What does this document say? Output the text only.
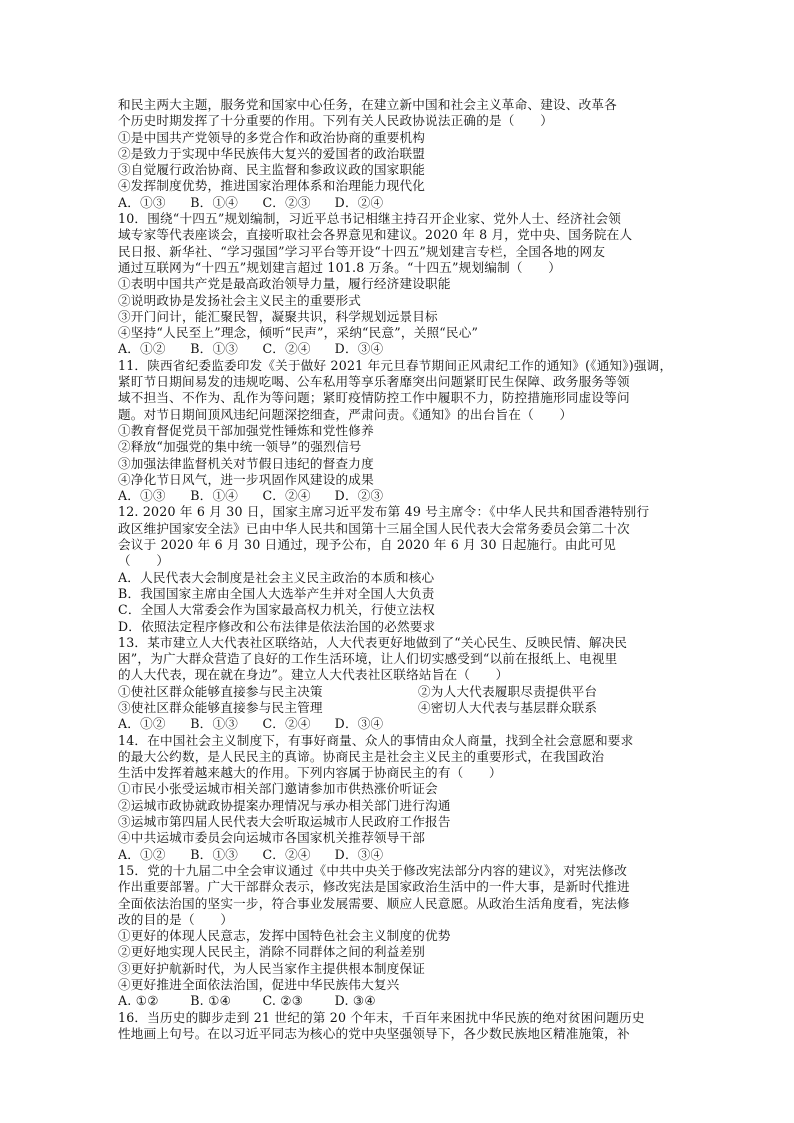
和民主两大主题，服务党和国家中心任务，在建立新中国和社会主义革命、建设、改革各
个历史时期发挥了十分重要的作用。下列有关人民政协说法正确的是（　　）
①是中国共产党领导的多党合作和政治协商的重要机构
②是致力于实现中华民族伟大复兴的爱国者的政治联盟
③自觉履行政治协商、民主监督和参政议政的国家职能
④发挥制度优势，推进国家治理体系和治理能力现代化
A．①③ B．①④ C．②③ D．②④
10．围绕“十四五”规划编制，习近平总书记相继主持召开企业家、党外人士、经济社会领
域专家等代表座谈会，直接听取社会各界意见和建议。2020 年 8 月，党中央、国务院在人
民日报、新华社、“学习强国”学习平台等开设“十四五”规划建言专栏，全国各地的网友
通过互联网为“十四五”规划建言超过 101.8 万条。“十四五”规划编制（　　）
①表明中国共产党是最高政治领导力量，履行经济建设职能
②说明政协是发扬社会主义民主的重要形式
③开门问计，能汇聚民智，凝聚共识，科学规划远景目标
④坚持“人民至上”理念，倾听“民声”，采纳“民意”，关照“民心”
A．①② B．①③ C．②④ D．③④
11．陕西省纪委监委印发《关于做好 2021 年元旦春节期间正风肃纪工作的通知》(《通知》)强调，
紧盯节日期间易发的违规吃喝、公车私用等享乐奢靡突出问题紧盯民生保障、政务服务等领
域不担当、不作为、乱作为等问题；紧盯疫情防控工作中履职不力，防控措施形同虚设等问
题。对节日期间顶风违纪问题深挖细查，严肃问责。《通知》的出台旨在（　　）
①教育督促党员干部加强党性锤炼和党性修养
②释放“加强党的集中统一领导”的强烈信号
③加强法律监督机关对节假日违纪的督查力度
④净化节日风气，进一步巩固作风建设的成果
A．①③ B．①④ C．②④ D．②③
12. 2020 年 6 月 30 日，国家主席习近平发布第 49 号主席令：《中华人民共和国香港特别行
政区维护国家安全法》已由中华人民共和国第十三届全国人民代表大会常务委员会第二十次
会议于 2020 年 6 月 30 日通过，现予公布，自 2020 年 6 月 30 日起施行。由此可见
（　　）
A．人民代表大会制度是社会主义民主政治的本质和核心
B．我国国家主席由全国人大选举产生并对全国人大负责
C．全国人大常委会作为国家最高权力机关，行使立法权
D．依照法定程序修改和公布法律是依法治国的必然要求
13．某市建立人大代表社区联络站，人大代表更好地做到了“关心民生、反映民情、解决民
困”，为广大群众营造了良好的工作生活环境，让人们切实感受到“以前在报纸上、电视里
的人大代表，现在就在身边”。建立人大代表社区联络站旨在（　　）
①使社区群众能够直接参与民主决策	②为人大代表履职尽责提供平台
③使社区群众能够直接参与民主管理	④密切人大代表与基层群众联系
A．①② B．①③ C．②④ D．③④
14．在中国社会主义制度下，有事好商量、众人的事情由众人商量，找到全社会意愿和要求
的最大公约数，是人民民主的真谛。协商民主是社会主义民主的重要形式，在我国政治
生活中发挥着越来越大的作用。下列内容属于协商民主的有（　　）
①市民小张受运城市相关部门邀请参加市供热涨价听证会
②运城市政协就政协提案办理情况与承办相关部门进行沟通
③运城市第四届人民代表大会听取运城市人民政府工作报告
④中共运城市委员会向运城市各国家机关推荐领导干部
A．①② B．①③ C．②④ D．③④
15．党的十九届二中全会审议通过《中共中央关于修改宪法部分内容的建议》，对宪法修改
作出重要部署。广大干部群众表示，修改宪法是国家政治生活中的一件大事，是新时代推进
全面依法治国的坚实一步，符合事业发展需要、顺应人民意愿。从政治生活角度看，宪法修
改的目的是（　　）
①更好的体现人民意志，发挥中国特色社会主义制度的优势
②更好地实现人民民主，消除不同群体之间的利益差别
③更好护航新时代，为人民当家作主提供根本制度保证
④更好推进全面依法治国，促进中华民族伟大复兴
A. ①②	B. ①④ C. ②③ D. ③④
16．当历史的脚步走到 21 世纪的第 20 个年末，千百年来困扰中华民族的绝对贫困问题历史
性地画上句号。在以习近平同志为核心的党中央坚强领导下，各少数民族地区精准施策，补
